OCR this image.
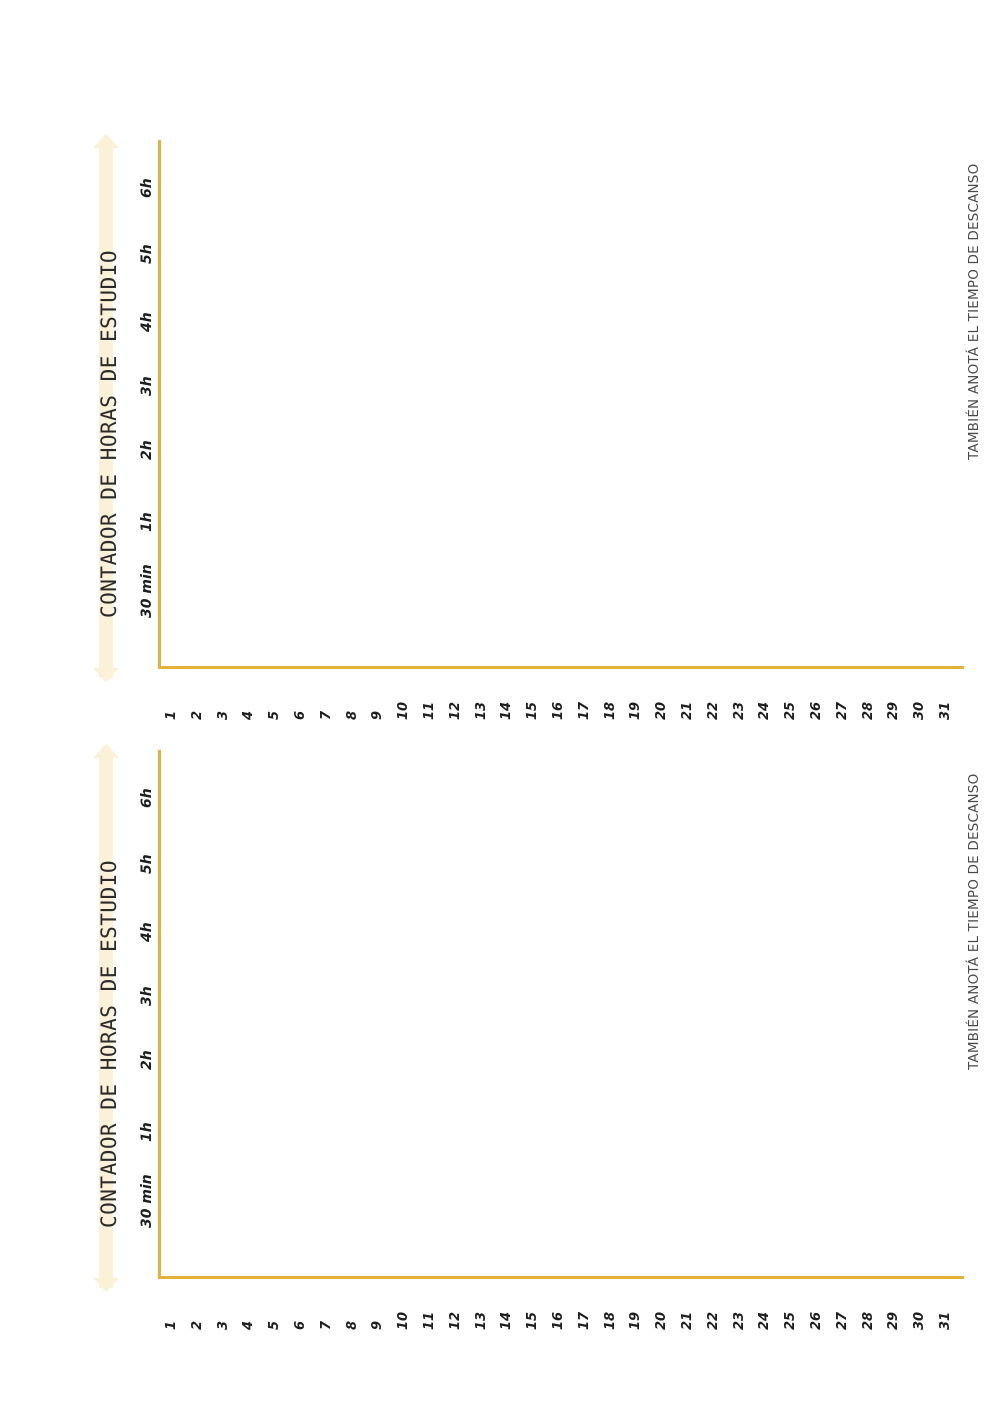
CONTADOR DE HORAS DE ESTUDIO 30 min
1h
2h
3h
4h
5h
6h
1 2 3 4 5 6 7 8 9 10 11 12 13 14 15 16 17 18 19 20 21 22 23 24 25 26 27 28 29 30 31
TAMBIÉN ANOTÁ EL TIEMPO DE DESCANSO
CONTADOR DE HORAS DE ESTUDIO 30 min
1h
2h
3h
4h
5h
6h
1 2 3 4 5 6 7 8 9 10 11 12 13 14 15 16 17 18 19 20 21 22 23 24 25 26 27 28 29 30 31
TAMBIÉN ANOTÁ EL TIEMPO DE DESCANSO
